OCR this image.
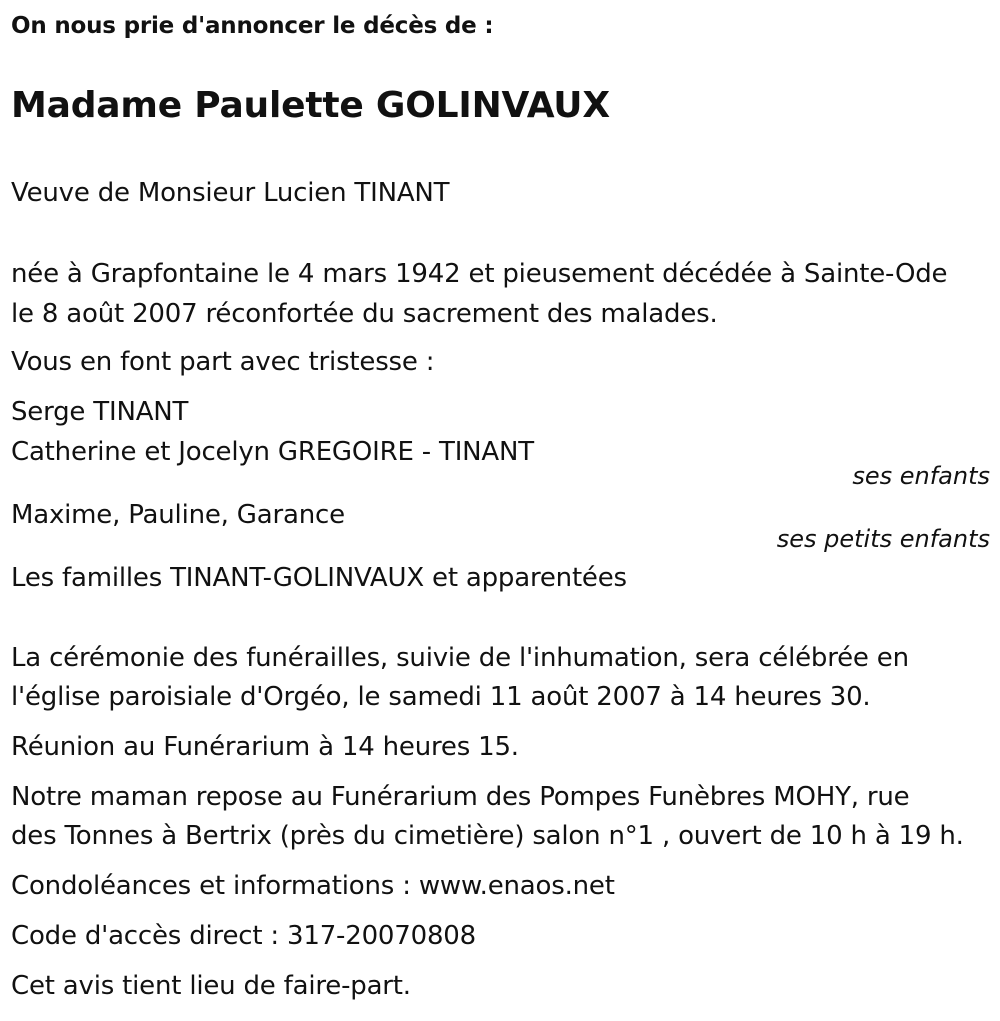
On nous prie d'annoncer le décès de :
Madame Paulette GOLINVAUX
Veuve de Monsieur Lucien TINANT
née à Grapfontaine le 4 mars 1942 et pieusement décédée à Sainte-Ode
le 8 août 2007 réconfortée du sacrement des malades.
Vous en font part avec tristesse :
Serge TINANT
Catherine et Jocelyn GREGOIRE - TINANT
ses enfants
Maxime, Pauline, Garance
ses petits enfants
Les familles TINANT-GOLINVAUX et apparentées
La cérémonie des funérailles, suivie de l'inhumation, sera célébrée en
l'église paroisiale d'Orgéo, le samedi 11 août 2007 à 14 heures 30.
Réunion au Funérarium à 14 heures 15.
Notre maman repose au Funérarium des Pompes Funèbres MOHY, rue
des Tonnes à Bertrix (près du cimetière) salon n°1 , ouvert de 10 h à 19 h.
Condoléances et informations : www.enaos.net
Code d'accès direct : 317-20070808
Cet avis tient lieu de faire-part.
